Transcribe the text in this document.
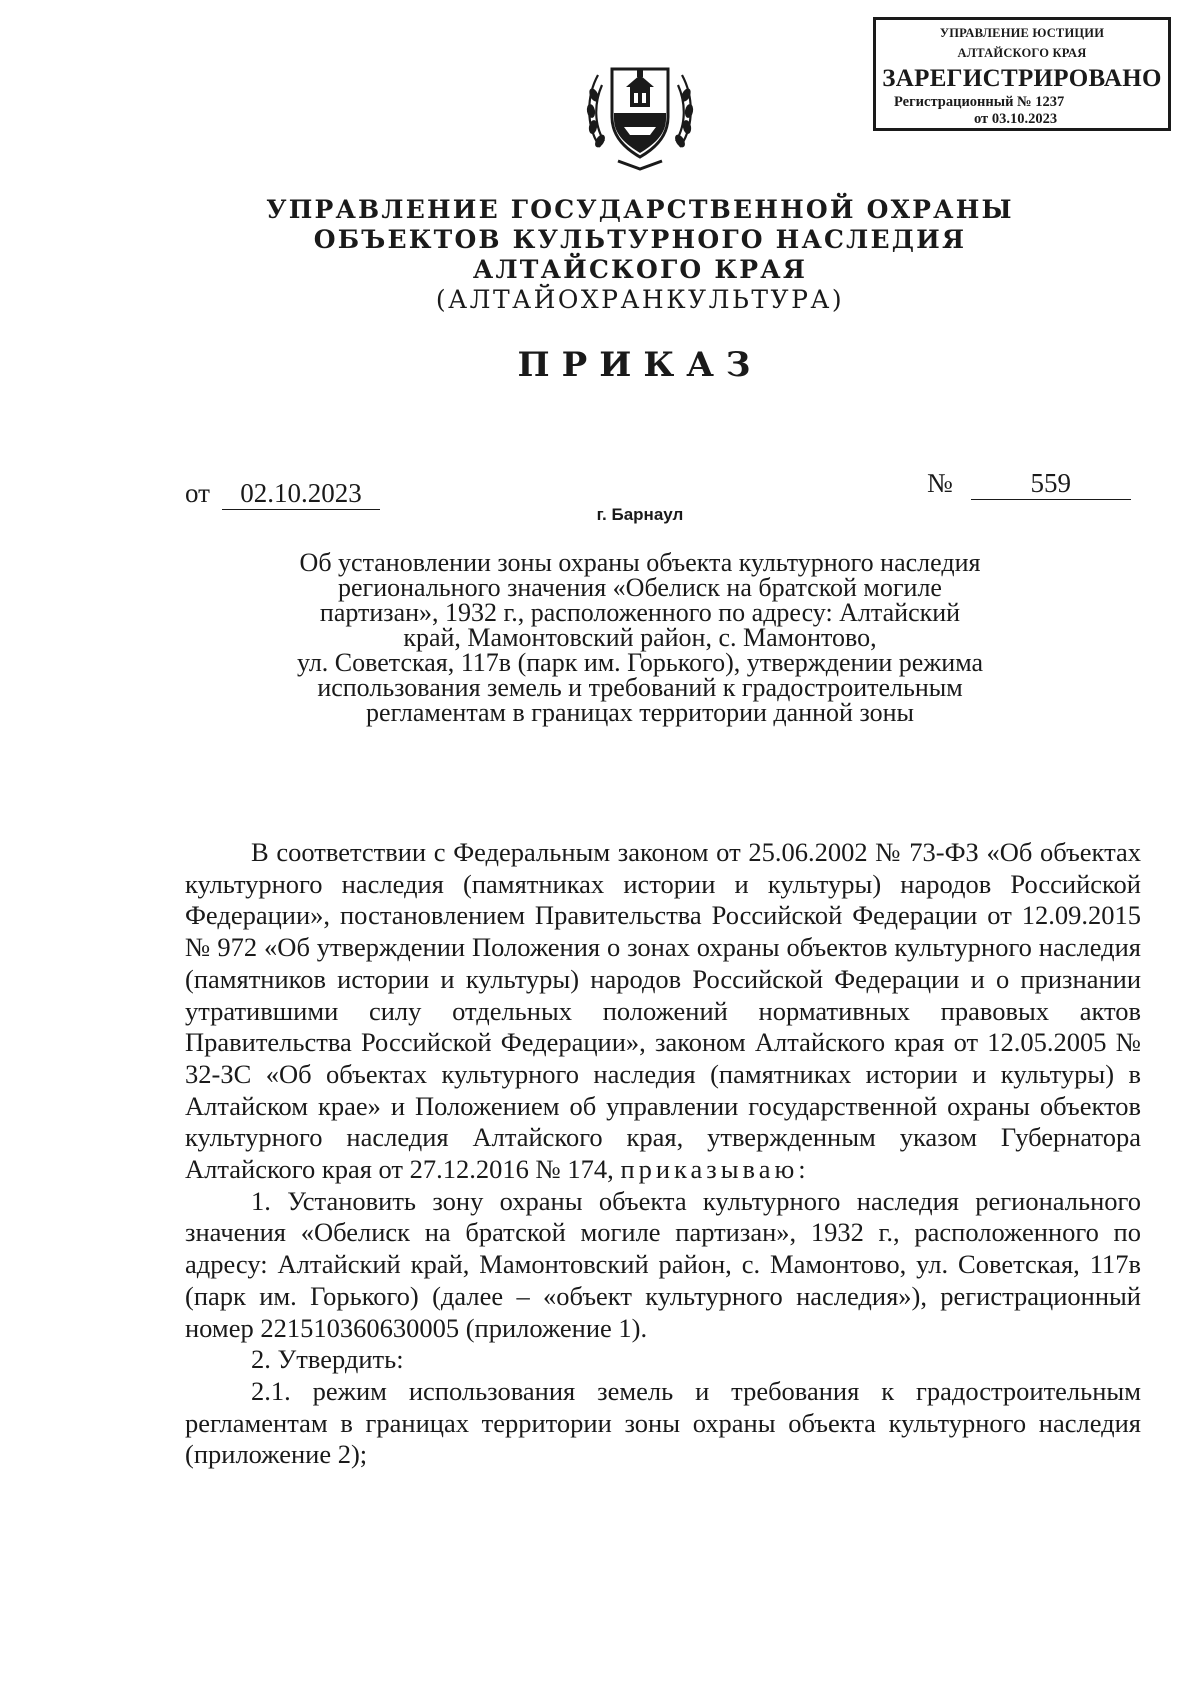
УПРАВЛЕНИЕ ЮСТИЦИИ
АЛТАЙСКОГО КРАЯ
ЗАРЕГИСТРИРОВАНО
Регистрационный № 1237
от 03.10.2023
УПРАВЛЕНИЕ ГОСУДАРСТВЕННОЙ ОХРАНЫ
ОБЪЕКТОВ КУЛЬТУРНОГО НАСЛЕДИЯ
АЛТАЙСКОГО КРАЯ
(АЛТАЙОХРАНКУЛЬТУРА)
ПРИКАЗ
от 02.10.2023	№	559
г. Барнаул
Об установлении зоны охраны объекта культурного наследия
регионального значения «Обелиск на братской могиле
партизан», 1932 г., расположенного по адресу: Алтайский
край, Мамонтовский район, с. Мамонтово,
ул. Советская, 117в (парк им. Горького), утверждении режима
использования земель и требований к градостроительным
регламентам в границах территории данной зоны

В соответствии с Федеральным законом от 25.06.2002 № 73-ФЗ «Об объектах культурного наследия (памятниках истории и культуры) народов Российской Федерации», постановлением Правительства Российской Федерации от 12.09.2015 № 972 «Об утверждении Положения о зонах охраны объектов культурного наследия (памятников истории и культуры) народов Российской Федерации и о признании утратившими силу отдельных положений нормативных правовых актов Правительства Российской Федерации», законом Алтайского края от 12.05.2005 № 32-ЗС «Об объектах культурного наследия (памятниках истории и культуры) в Алтайском крае» и Положением об управлении государственной охраны объектов культурного наследия Алтайского края, утвержденным указом Губернатора Алтайского края от 27.12.2016 № 174, приказываю:

1. Установить зону охраны объекта культурного наследия регионального значения «Обелиск на братской могиле партизан», 1932 г., расположенного по адресу: Алтайский край, Мамонтовский район, с. Мамонтово, ул. Советская, 117в (парк им. Горького) (далее – «объект культурного наследия»), регистрационный номер 221510360630005 (приложение 1).

2. Утвердить:

2.1. режим использования земель и требования к градостроительным регламентам в границах территории зоны охраны объекта культурного наследия (приложение 2);
